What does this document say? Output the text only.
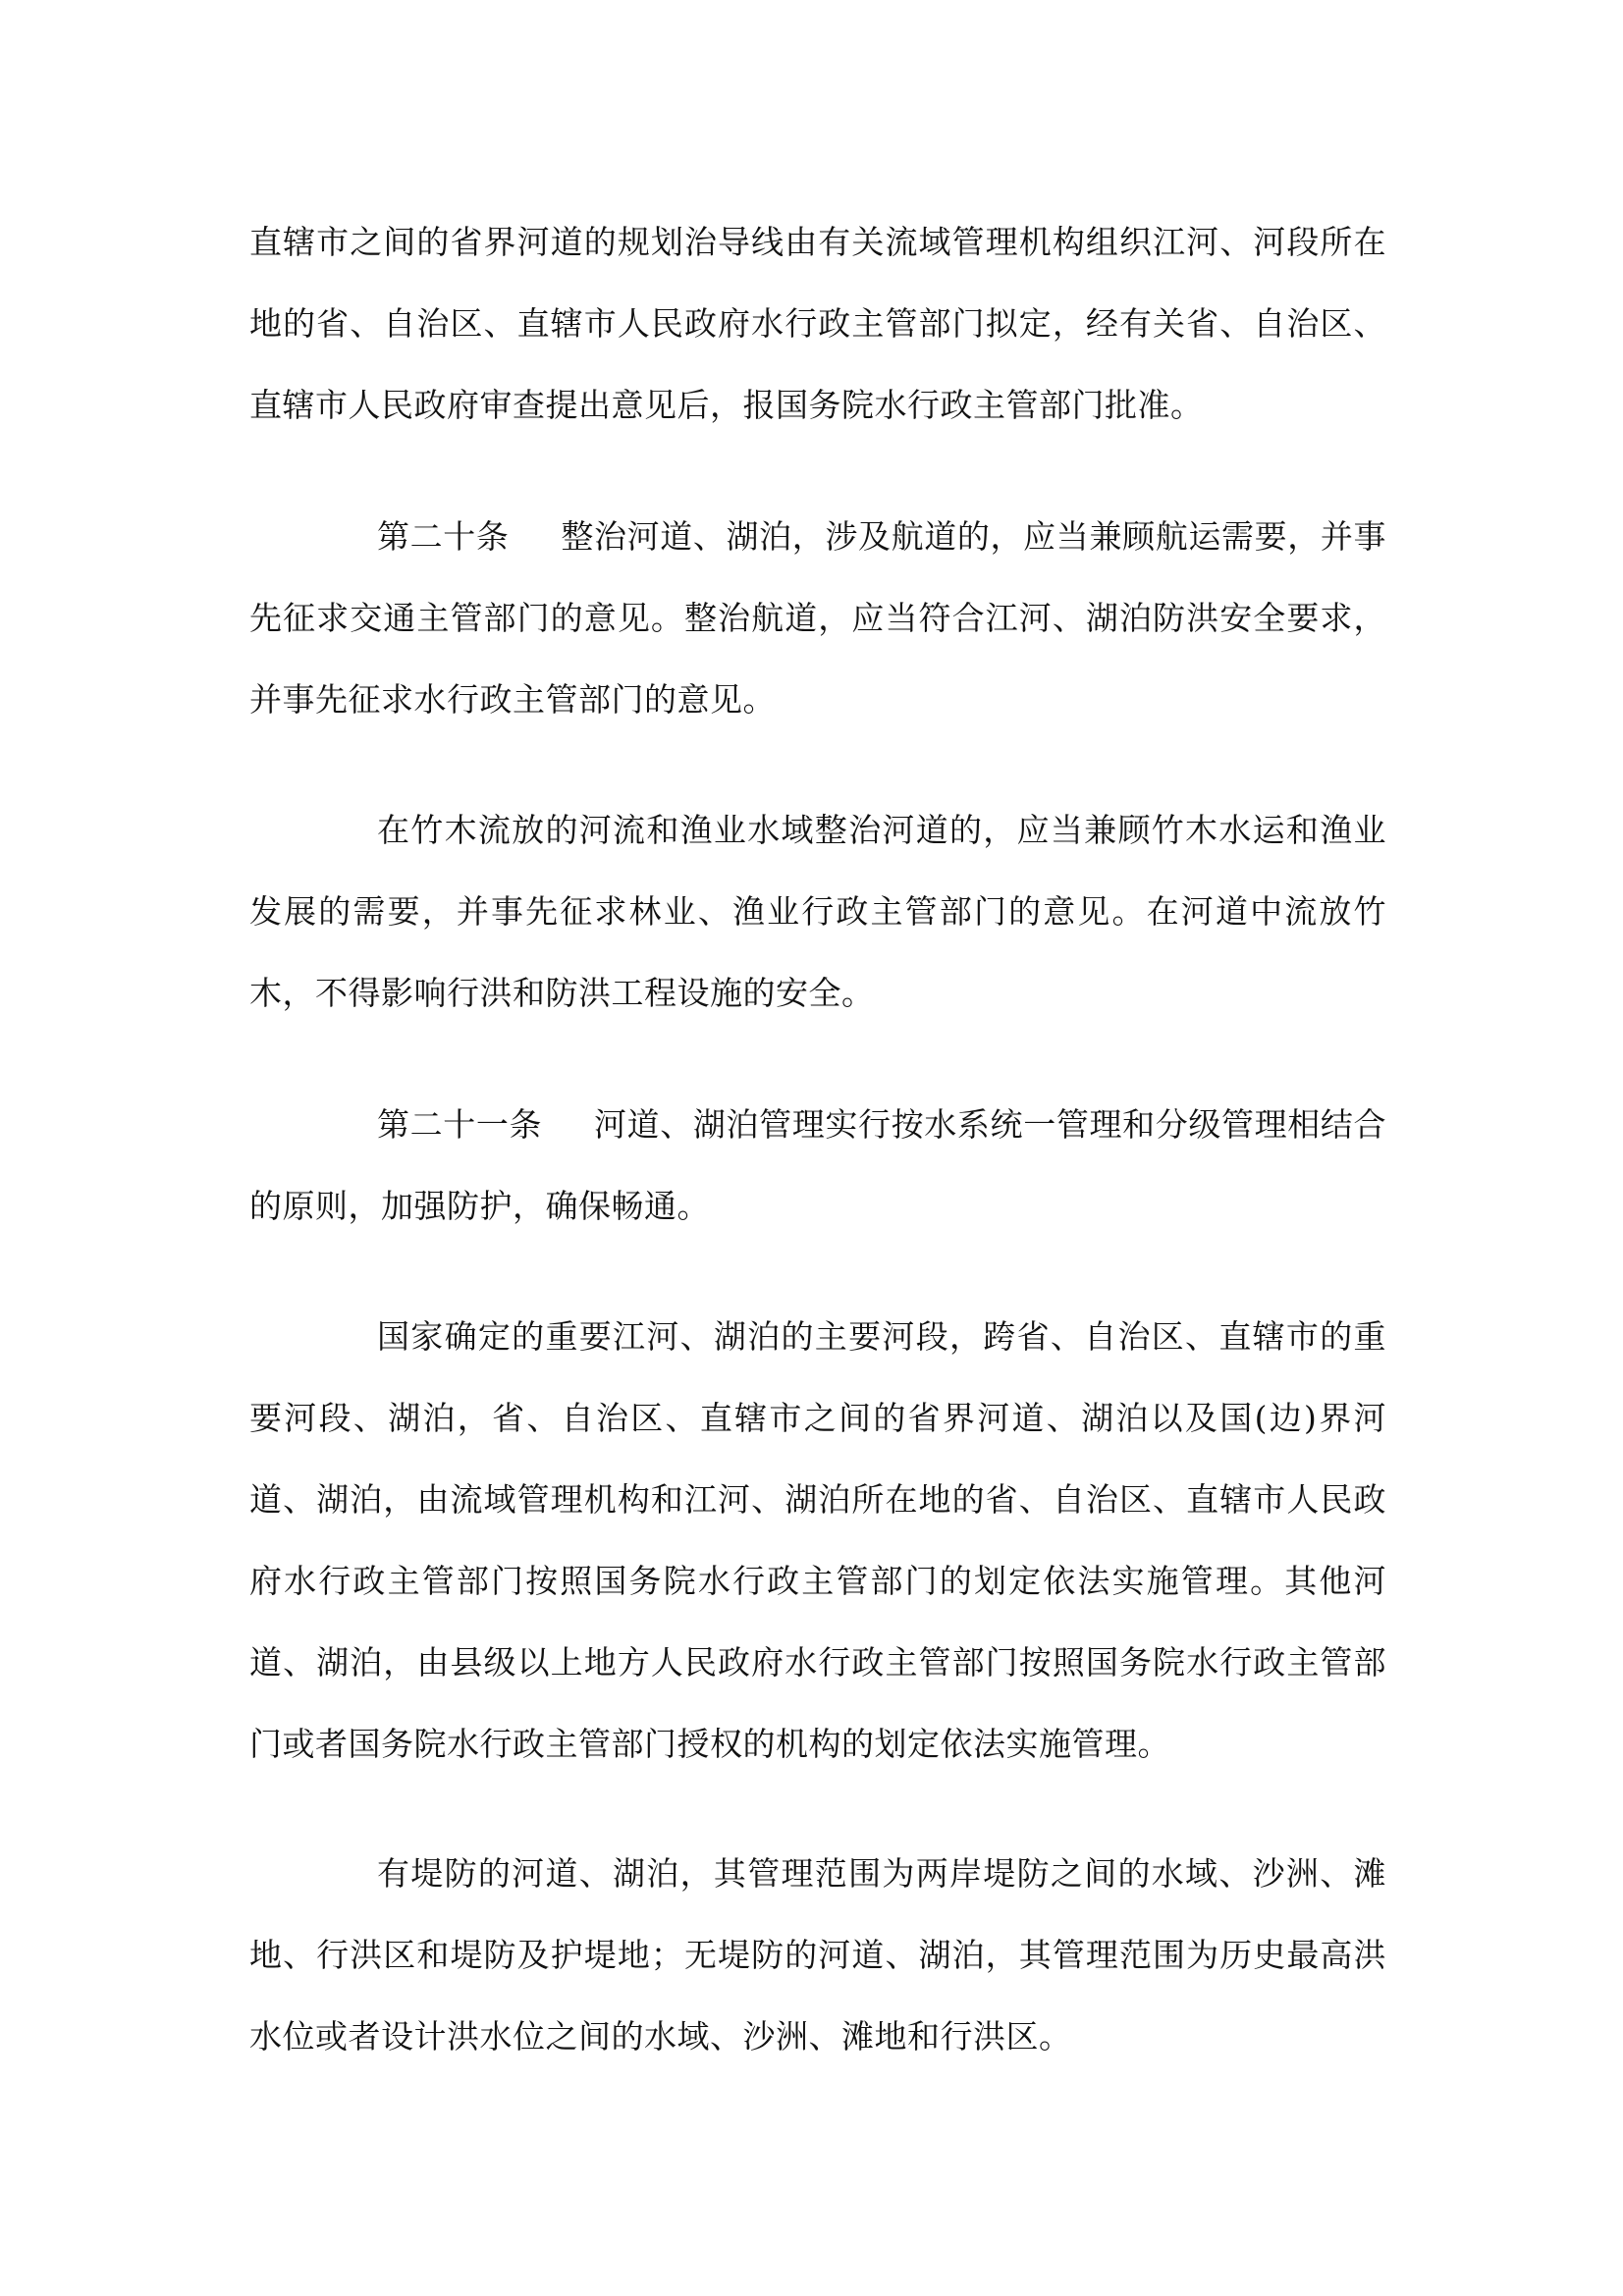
直辖市之间的省界河道的规划治导线由有关流域管理机构组织江河、河段所在地的省、自治区、直辖市人民政府水行政主管部门拟定，经有关省、自治区、直辖市人民政府审查提出意见后，报国务院水行政主管部门批准。

第二十条 整治河道、湖泊，涉及航道的，应当兼顾航运需要，并事先征求交通主管部门的意见。整治航道，应当符合江河、湖泊防洪安全要求，并事先征求水行政主管部门的意见。

在竹木流放的河流和渔业水域整治河道的，应当兼顾竹木水运和渔业发展的需要，并事先征求林业、渔业行政主管部门的意见。在河道中流放竹木，不得影响行洪和防洪工程设施的安全。

第二十一条 河道、湖泊管理实行按水系统一管理和分级管理相结合的原则，加强防护，确保畅通。

国家确定的重要江河、湖泊的主要河段，跨省、自治区、直辖市的重要河段、湖泊，省、自治区、直辖市之间的省界河道、湖泊以及国(边)界河道、湖泊，由流域管理机构和江河、湖泊所在地的省、自治区、直辖市人民政府水行政主管部门按照国务院水行政主管部门的划定依法实施管理。其他河道、湖泊，由县级以上地方人民政府水行政主管部门按照国务院水行政主管部门或者国务院水行政主管部门授权的机构的划定依法实施管理。

有堤防的河道、湖泊，其管理范围为两岸堤防之间的水域、沙洲、滩地、行洪区和堤防及护堤地；无堤防的河道、湖泊，其管理范围为历史最高洪水位或者设计洪水位之间的水域、沙洲、滩地和行洪区。
